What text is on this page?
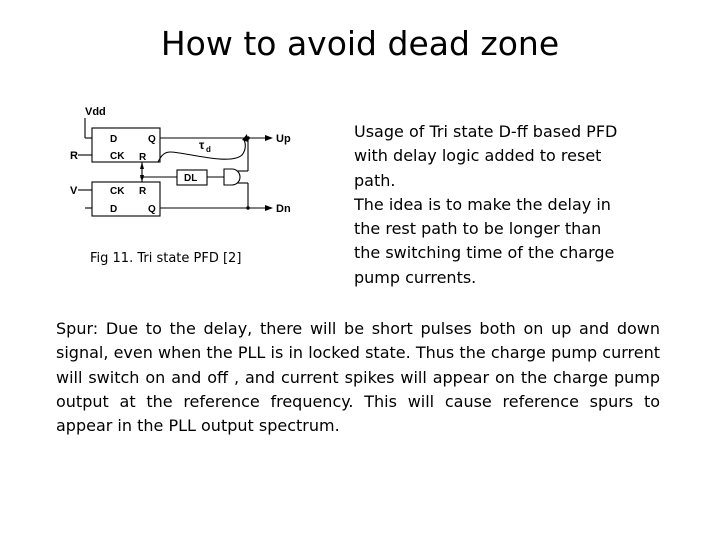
How to avoid dead zone
Vdd
R
V
D	Q
CK R
CK R
D	Q
Up
Dn
DL
τ d
Fig 11. Tri state PFD [2]
Usage of Tri state D-ff based PFD
with delay logic added to reset
path.
The idea is to make the delay in
the rest path to be longer than
the switching time of the charge
pump currents.
Spur: Due to the delay, there will be short pulses both on up and down signal, even when the PLL is in locked state. Thus the charge pump current will switch on and off , and current spikes will appear on the charge pump output at the reference frequency. This will cause reference spurs to appear in the PLL output spectrum.
